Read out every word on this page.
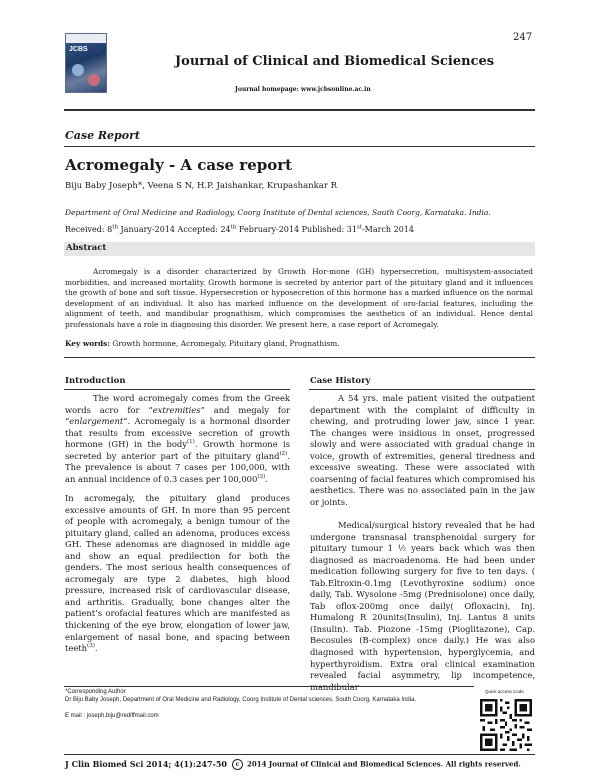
247
JCBS
Journal of Clinical and Biomedical Sciences
Journal homepage: www.jcbsonline.ac.in
Case Report
Acromegaly - A case report
Biju Baby Joseph*, Veena S N, H.P. Jaishankar, Krupashankar R
Department of Oral Medicine and Radiology, Coorg Institute of Dental sciences, South Coorg, Karnataka. India.
Received: 8th January-2014 Accepted: 24th February-2014 Published: 31st-March 2014
Abstract
Acromegaly is a disorder characterized by Growth Hor-mone (GH) hypersecretion, multisystem-associated morbidities, and increased mortality. Growth hormone is secreted by anterior part of the pituitary gland and it influences the growth of bone and soft tissue. Hypersecretion or hyposecretion of this hormone has a marked influence on the normal development of an individual. It also has marked influence on the development of oro-facial features, including the alignment of teeth, and mandibular prognathism, which compromises the aesthetics of an individual. Hence dental professionals have a role in diagnosing this disorder. We present here, a case report of Acromegaly.
Key words: Growth hormone, Acromegaly, Pituitary gland, Prognathism.
Introduction
The word acromegaly comes from the Greek words acro for “extremities” and megaly for “enlargement”. Acromegaly is a hormonal disorder that results from excessive secretion of growth hormone (GH) in the body$^{(1)}$. Growth hormone is secreted by anterior part of the pituitary gland$^{(2)}$. The prevalence is about 7 cases per 100,000, with an annual incidence of 0.3 cases per 100,000$^{(3)}$.
In acromegaly, the pituitary gland produces excessive amounts of GH. In more than 95 percent of people with acromegaly, a benign tumour of the pituitary gland, called an adenoma, produces excess GH. These adenomas are diagnosed in middle age and show an equal predilection for both the genders. The most serious health consequences of acromegaly are type 2 diabetes, high blood pressure, increased risk of cardiovascular disease, and arthritis. Gradually, bone changes alter the patient’s orofacial features which are manifested as thickening of the eye brow, elongation of lower jaw, enlargement of nasal bone, and spacing between teeth$^{(3)}$.
Case History
A 54 yrs. male patient visited the outpatient department with the complaint of difficulty in chewing, and protruding lower jaw, since 1 year. The changes were insidious in onset, progressed slowly and were associated with gradual change in voice, growth of extremities, general tiredness and excessive sweating. These were associated with coarsening of facial features which compromised his aesthetics. There was no associated pain in the jaw or joints.
Medical/surgical history revealed that he had undergone transnasal transphenoidal surgery for pituitary tumour 1 ½ years back which was then diagnosed as macroadenoma. He had been under medication following surgery for five to ten days. ( Tab.Eltroxin-0.1mg (Levothyroxine sodium) once daily, Tab. Wysolone -5mg (Prednisolone) once daily, Tab oflox-200mg once daily( Ofloxacin), Inj. Humalong R 20units(Insulin), Inj. Lantus 8 units (Insulin). Tab. Piozone -15mg (Pioglitazone), Cap. Becosules (B-complex) once daily.) He was also diagnosed with hypertension, hyperglycemia, and hyperthyroidism. Extra oral clinical examination revealed facial asymmetry, lip incompetence, mandibular
*Corresponding Author
Dr Biju Baby Joseph, Department of Oral Medicine and Radiology, Coorg Institute of Dental sciences, South Coorg, Karnataka India.
E mail : joseph.biju@rediffmail.com
Quick access Code
J Clin Biomed Sci 2014; 4(1):247-50	c 2014 Journal of Clinical and Biomedical Sciences. All rights reserved.
